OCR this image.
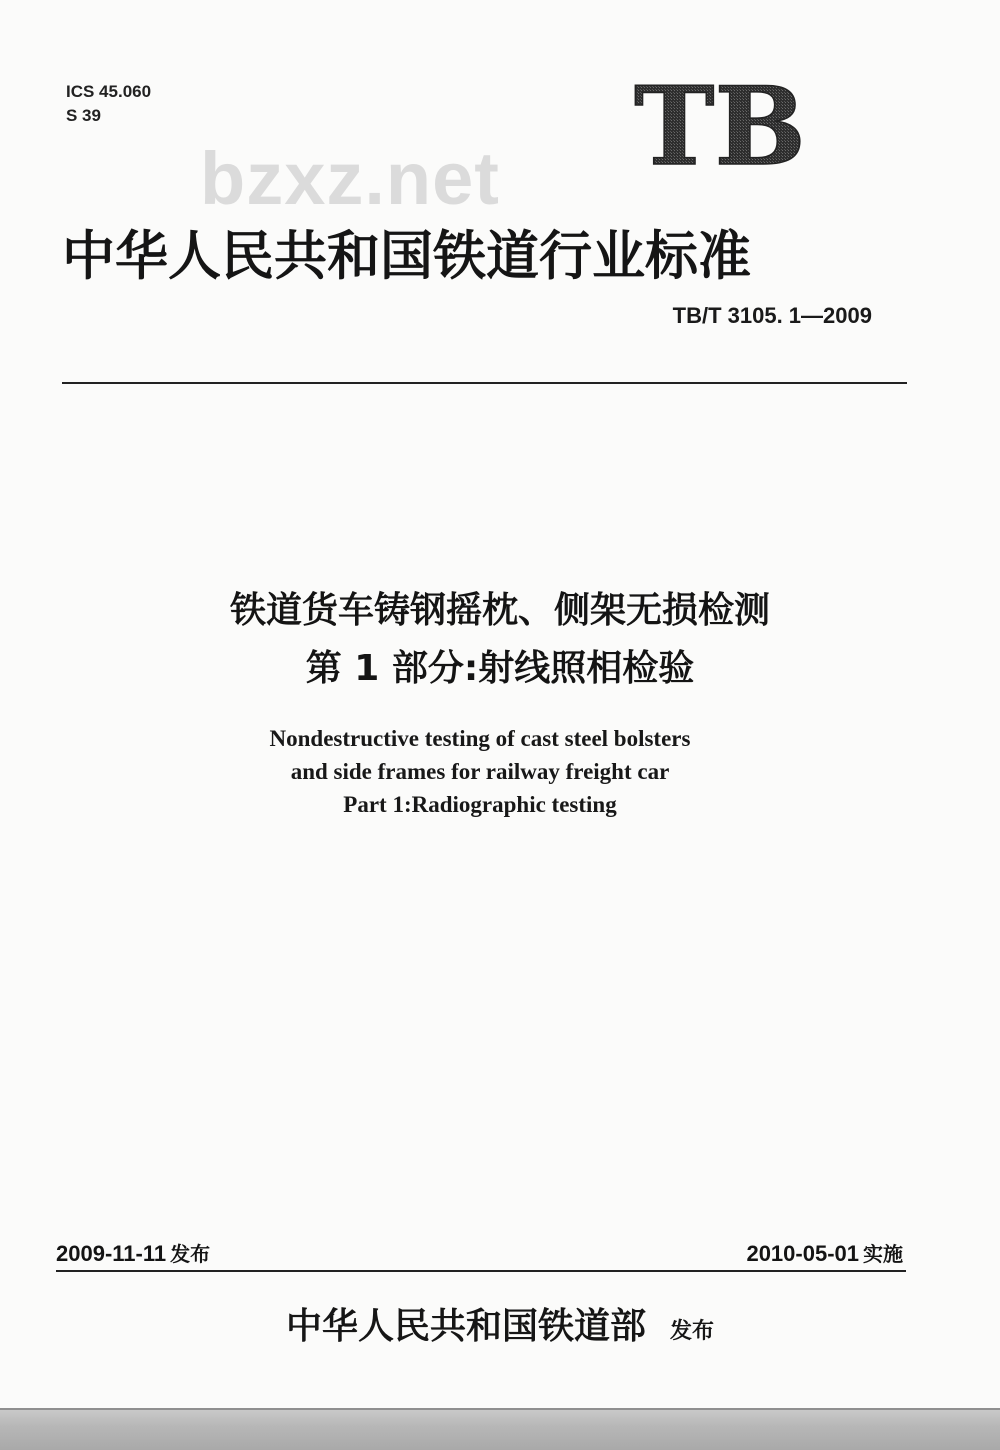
ICS 45.060
S 39	TB
bzxz.net
中华人民共和国铁道行业标准
TB/T 3105. 1—2009
铁道货车铸钢摇枕、侧架无损检测
第 1 部分:射线照相检验
Nondestructive testing of cast steel bolsters
and side frames for railway freight car
Part 1:Radiographic testing
2009-11-11 发布	2010-05-01 实施
中华人民共和国铁道部 发布
